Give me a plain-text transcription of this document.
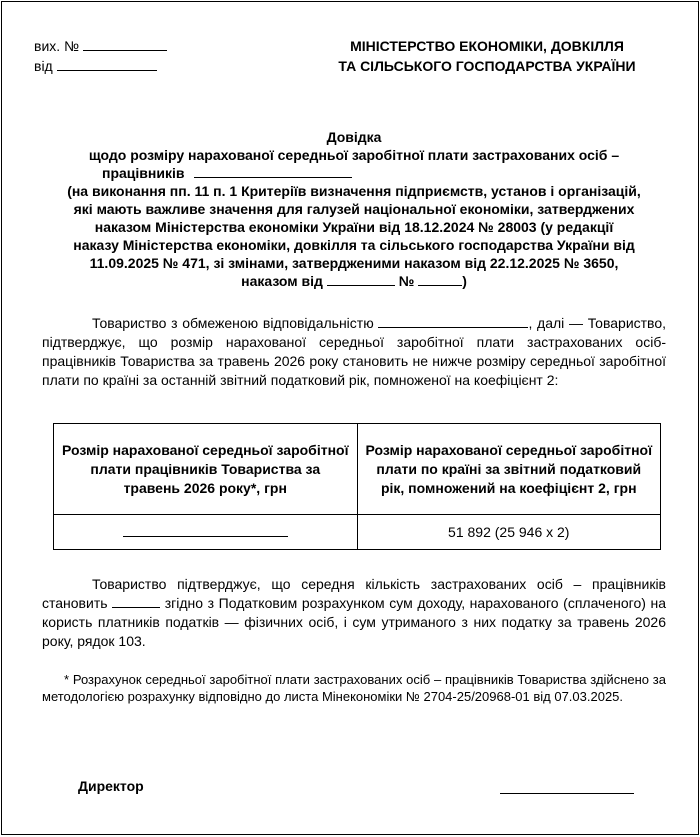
вих. №
від
МІНІСТЕРСТВО ЕКОНОМІКИ, ДОВКІЛЛЯ
ТА СІЛЬСЬКОГО ГОСПОДАРСТВА УКРАЇНИ
Довідка
щодо розміру нарахованої середньої заробітної плати застрахованих осіб –
працівників
(на виконання пп. 11 п. 1 Критеріїв визначення підприємств, установ і організацій,
які мають важливе значення для галузей національної економіки, затверджених
наказом Міністерства економіки України від 18.12.2024 № 28003 (у редакції
наказу Міністерства економіки, довкілля та сільського господарства України від
11.09.2025 № 471, зі змінами, затвердженими наказом від 22.12.2025 № 3650,
наказом від	№	)
Товариство з обмеженою відповідальністю	, далі — Товариство, підтверджує, що розмір нарахованої середньої заробітної плати застрахованих осіб-працівників Товариства за травень 2026 року становить не нижче розміру середньої заробітної плати по країні за останній звітний податковий рік, помноженої на коефіцієнт 2:
Розмір нарахованої середньої заробітної плати працівників Товариства за травень 2026 року*, грн	Розмір нарахованої середньої заробітної плати по країні за звітний податковий рік, помножений на коефіцієнт 2, грн
	51 892 (25 946 х 2)
Товариство підтверджує, що середня кількість застрахованих осіб – працівників становить	згідно з Податковим розрахунком сум доходу, нарахованого (сплаченого) на користь платників податків — фізичних осіб, і сум утриманого з них податку за травень 2026 року, рядок 103.
* Розрахунок середньої заробітної плати застрахованих осіб – працівників Товариства здійснено за методологією розрахунку відповідно до листа Мінекономіки № 2704-25/20968-01 від 07.03.2025.
Директор
